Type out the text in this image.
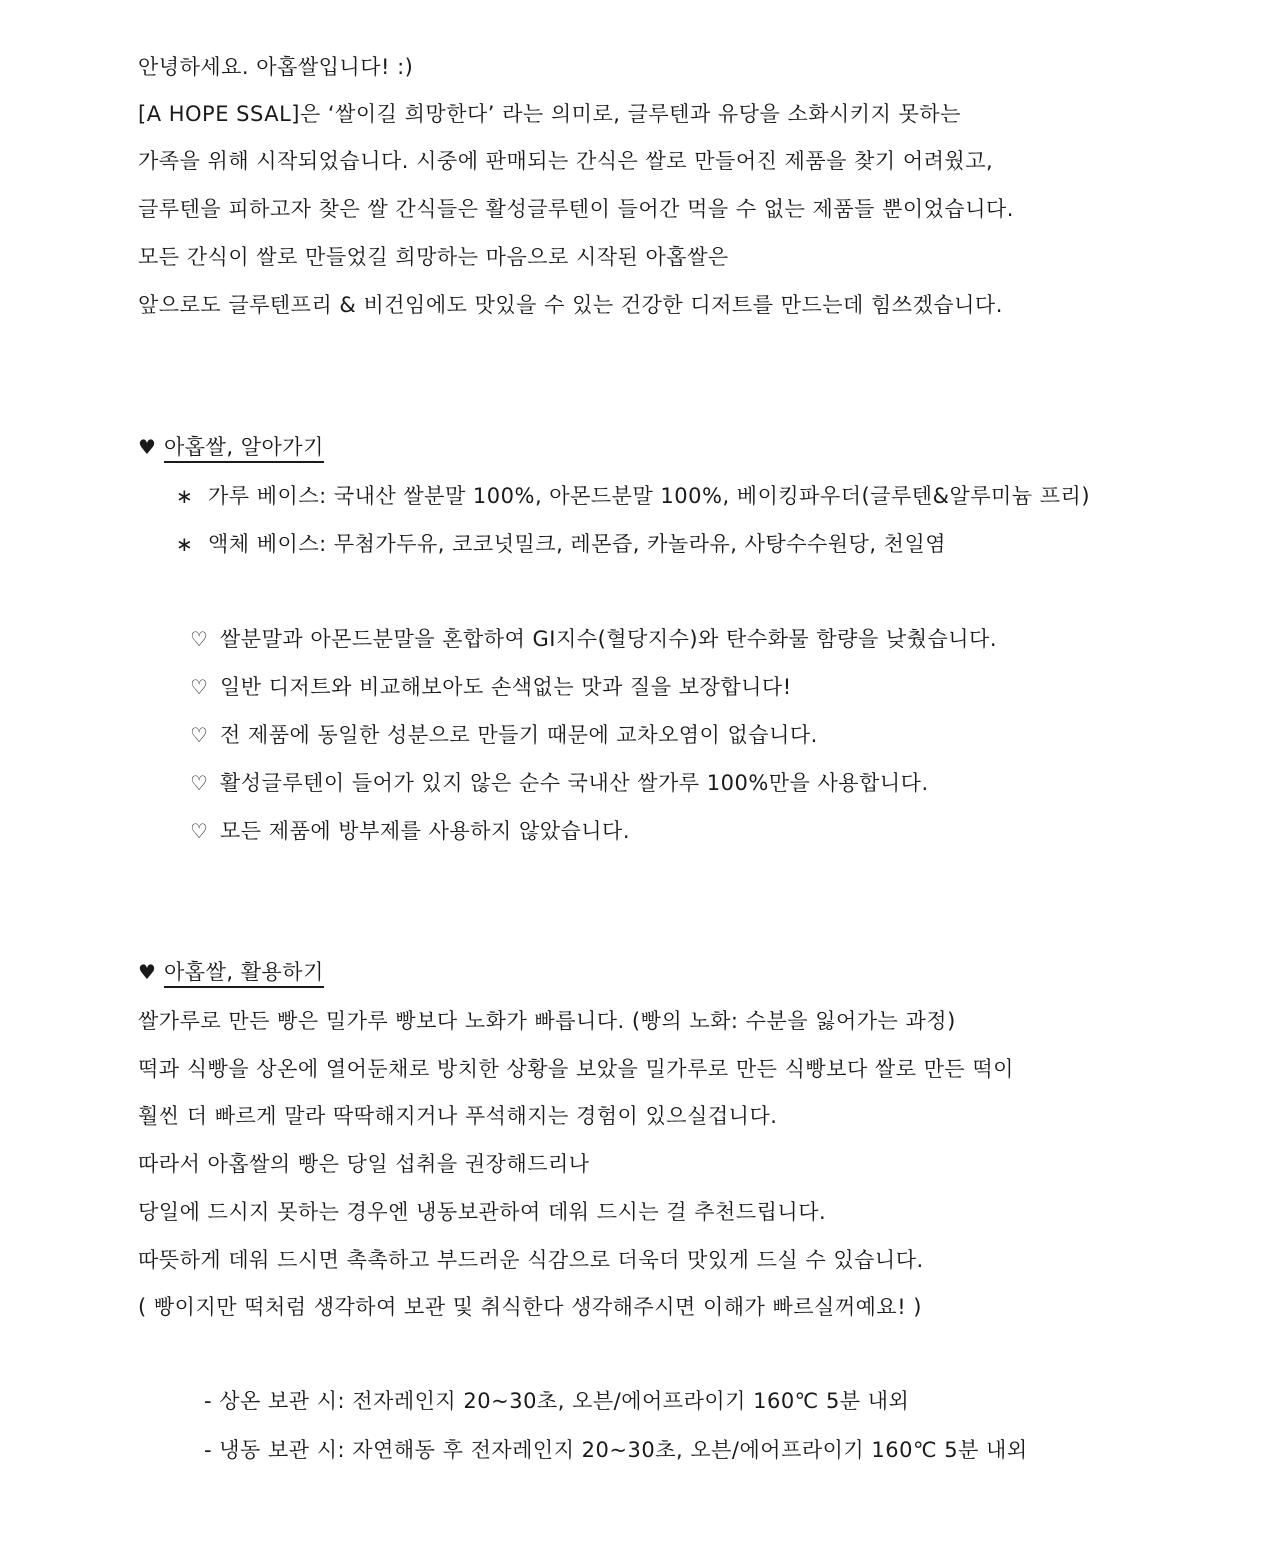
안녕하세요. 아홉쌀입니다! :)
[A HOPE SSAL]은 ‘쌀이길 희망한다’ 라는 의미로, 글루텐과 유당을 소화시키지 못하는
가족을 위해 시작되었습니다. 시중에 판매되는 간식은 쌀로 만들어진 제품을 찾기 어려웠고,
글루텐을 피하고자 찾은 쌀 간식들은 활성글루텐이 들어간 먹을 수 없는 제품들 뿐이었습니다.
모든 간식이 쌀로 만들었길 희망하는 마음으로 시작된 아홉쌀은
앞으로도 글루텐프리 & 비건임에도 맛있을 수 있는 건강한 디저트를 만드는데 힘쓰겠습니다.
♥ 아홉쌀, 알아가기
∗ 가루 베이스: 국내산 쌀분말 100%, 아몬드분말 100%, 베이킹파우더(글루텐&알루미늄 프리)
∗ 액체 베이스: 무첨가두유, 코코넛밀크, 레몬즙, 카놀라유, 사탕수수원당, 천일염
♡ 쌀분말과 아몬드분말을 혼합하여 GI지수(혈당지수)와 탄수화물 함량을 낮췄습니다.
♡ 일반 디저트와 비교해보아도 손색없는 맛과 질을 보장합니다!
♡ 전 제품에 동일한 성분으로 만들기 때문에 교차오염이 없습니다.
♡ 활성글루텐이 들어가 있지 않은 순수 국내산 쌀가루 100%만을 사용합니다.
♡ 모든 제품에 방부제를 사용하지 않았습니다.
♥ 아홉쌀, 활용하기
쌀가루로 만든 빵은 밀가루 빵보다 노화가 빠릅니다. (빵의 노화: 수분을 잃어가는 과정)
떡과 식빵을 상온에 열어둔채로 방치한 상황을 보았을 밀가루로 만든 식빵보다 쌀로 만든 떡이
훨씬 더 빠르게 말라 딱딱해지거나 푸석해지는 경험이 있으실겁니다.
따라서 아홉쌀의 빵은 당일 섭취을 권장해드리나
당일에 드시지 못하는 경우엔 냉동보관하여 데워 드시는 걸 추천드립니다.
따뜻하게 데워 드시면 촉촉하고 부드러운 식감으로 더욱더 맛있게 드실 수 있습니다.
( 빵이지만 떡처럼 생각하여 보관 및 취식한다 생각해주시면 이해가 빠르실꺼예요! )
- 상온 보관 시: 전자레인지 20~30초, 오븐/에어프라이기 160℃ 5분 내외
- 냉동 보관 시: 자연해동 후 전자레인지 20~30초, 오븐/에어프라이기 160℃ 5분 내외
